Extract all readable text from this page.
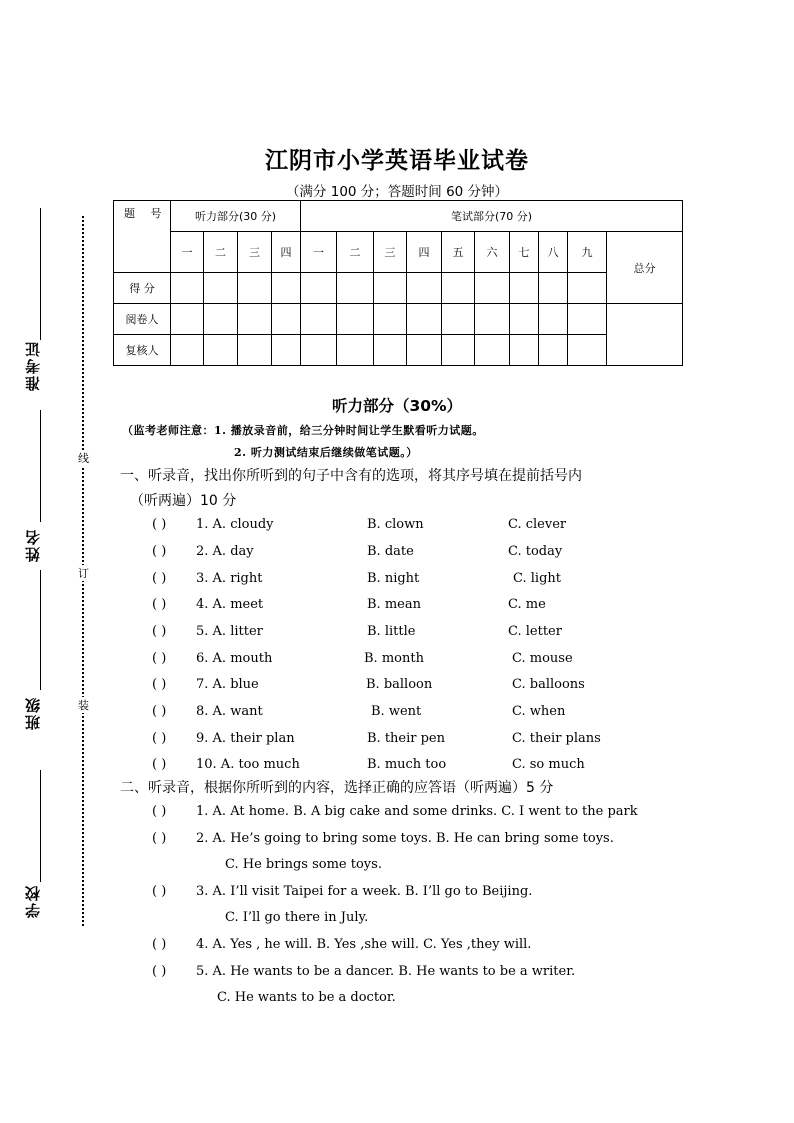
江阴市小学英语毕业试卷
（满分 100 分；答题时间 60 分钟）
准考证
姓名
班级
学校
线
订
装
题 号	听力部分(30 分)				笔试部分(70 分)									
	一	二	三	四	一	二	三	四	五	六	七	八	九	总分
得 分														
阅卷人														
复核人														
听力部分（30%）
（监考老师注意：1. 播放录音前，给三分钟时间让学生默看听力试题。
2. 听力测试结束后继续做笔试题。）
一、听录音，找出你所听到的句子中含有的选项，将其序号填在提前括号内
（听两遍）10 分
( ) 1. A. cloudy	B. clown	C. clever
( ) 2. A. day	B. date	C. today
( ) 3. A. right	B. night	C. light
( ) 4. A. meet	B. mean	C. me
( ) 5. A. litter	B. little	C. letter
( ) 6. A. mouth	B. month	C. mouse
( ) 7. A. blue	B. balloon	C. balloons
( ) 8. A. want	B. went	C. when
( ) 9. A. their plan	B. their pen	C. their plans
( ) 10. A. too much	B. much too	C. so much
二、听录音，根据你所听到的内容，选择正确的应答语（听两遍）5 分
( ) 1. A. At home. B. A big cake and some drinks. C. I went to the park
( ) 2. A. He’s going to bring some toys. B. He can bring some toys.
C. He brings some toys.
( ) 3. A. I’ll visit Taipei for a week. B. I’ll go to Beijing.
C. I’ll go there in July.
( ) 4. A. Yes , he will. B. Yes ,she will. C. Yes ,they will.
( ) 5. A. He wants to be a dancer. B. He wants to be a writer.
C. He wants to be a doctor.
